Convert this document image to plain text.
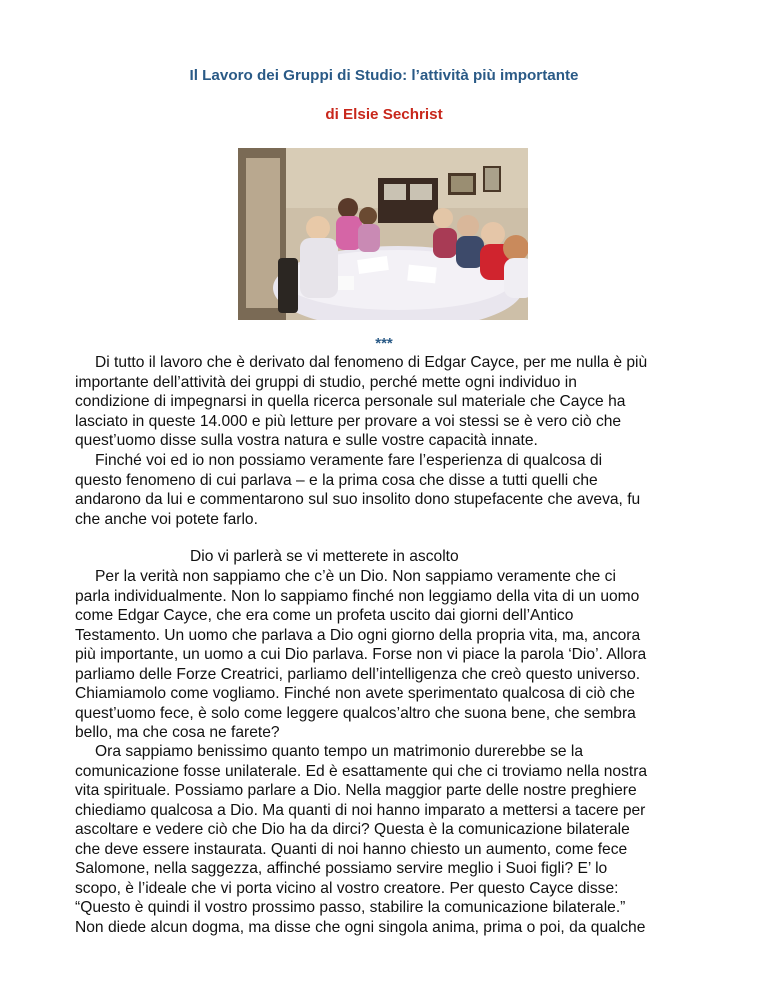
Il Lavoro dei Gruppi di Studio: l’attività più importante
di Elsie Sechrist
***

Di tutto il lavoro che è derivato dal fenomeno di Edgar Cayce, per me nulla è più
importante dell’attività dei gruppi di studio, perché mette ogni individuo in
condizione di impegnarsi in quella ricerca personale sul materiale che Cayce ha
lasciato in queste 14.000 e più letture per provare a voi stessi se è vero ciò che
quest’uomo disse sulla vostra natura e sulle vostre capacità innate.

Finché voi ed io non possiamo veramente fare l’esperienza di qualcosa di
questo fenomeno di cui parlava – e la prima cosa che disse a tutti quelli che
andarono da lui e commentarono sul suo insolito dono stupefacente che aveva, fu
che anche voi potete farlo.

Dio vi parlerà se vi metterete in ascolto

Per la verità non sappiamo che c’è un Dio. Non sappiamo veramente che ci
parla individualmente. Non lo sappiamo finché non leggiamo della vita di un uomo
come Edgar Cayce, che era come un profeta uscito dai giorni dell’Antico
Testamento. Un uomo che parlava a Dio ogni giorno della propria vita, ma, ancora
più importante, un uomo a cui Dio parlava. Forse non vi piace la parola ‘Dio’. Allora
parliamo delle Forze Creatrici, parliamo dell’intelligenza che creò questo universo.
Chiamiamolo come vogliamo. Finché non avete sperimentato qualcosa di ciò che
quest’uomo fece, è solo come leggere qualcos’altro che suona bene, che sembra
bello, ma che cosa ne farete?

Ora sappiamo benissimo quanto tempo un matrimonio durerebbe se la
comunicazione fosse unilaterale. Ed è esattamente qui che ci troviamo nella nostra
vita spirituale. Possiamo parlare a Dio. Nella maggior parte delle nostre preghiere
chiediamo qualcosa a Dio. Ma quanti di noi hanno imparato a mettersi a tacere per
ascoltare e vedere ciò che Dio ha da dirci? Questa è la comunicazione bilaterale
che deve essere instaurata. Quanti di noi hanno chiesto un aumento, come fece
Salomone, nella saggezza, affinché possiamo servire meglio i Suoi figli? E’ lo
scopo, è l’ideale che vi porta vicino al vostro creatore. Per questo Cayce disse:
“Questo è quindi il vostro prossimo passo, stabilire la comunicazione bilaterale.”
Non diede alcun dogma, ma disse che ogni singola anima, prima o poi, da qualche
